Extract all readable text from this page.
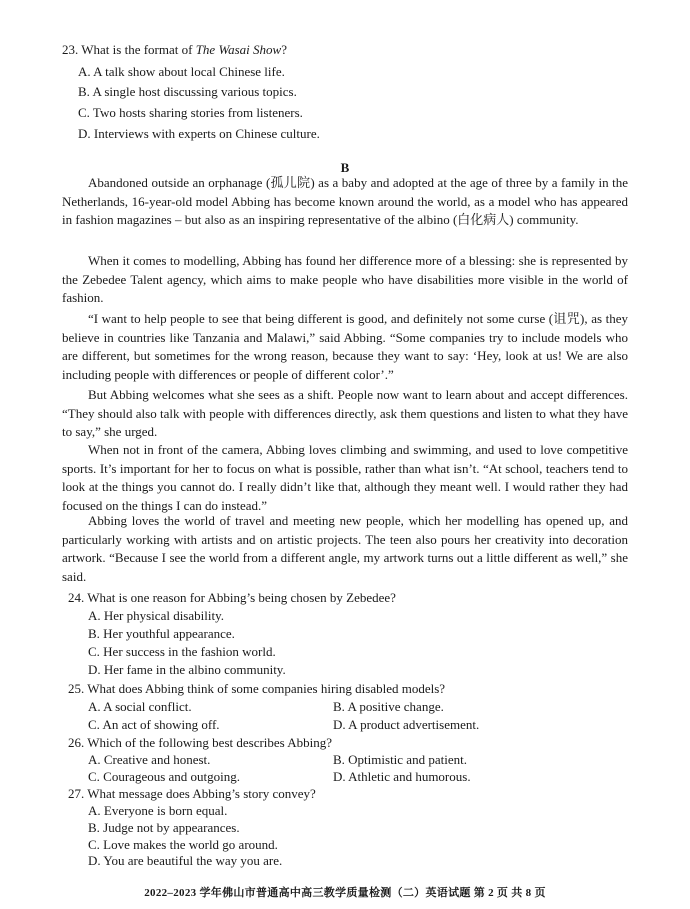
23. What is the format of The Wasai Show?
A. A talk show about local Chinese life.
B. A single host discussing various topics.
C. Two hosts sharing stories from listeners.
D. Interviews with experts on Chinese culture.
B
Abandoned outside an orphanage (孤儿院) as a baby and adopted at the age of three by a family in the Netherlands, 16-year-old model Abbing has become known around the world, as a model who has appeared in fashion magazines – but also as an inspiring representative of the albino (白化病人) community.
When it comes to modelling, Abbing has found her difference more of a blessing: she is represented by the Zebedee Talent agency, which aims to make people who have disabilities more visible in the world of fashion.
“I want to help people to see that being different is good, and definitely not some curse (诅咒), as they believe in countries like Tanzania and Malawi,” said Abbing. “Some companies try to include models who are different, but sometimes for the wrong reason, because they want to say: ‘Hey, look at us! We are also including people with differences or people of different color’.”
But Abbing welcomes what she sees as a shift. People now want to learn about and accept differences. “They should also talk with people with differences directly, ask them questions and listen to what they have to say,” she urged.
When not in front of the camera, Abbing loves climbing and swimming, and used to love competitive sports. It’s important for her to focus on what is possible, rather than what isn’t. “At school, teachers tend to look at the things you cannot do. I really didn’t like that, although they meant well. I would rather they had focused on the things I can do instead.”
Abbing loves the world of travel and meeting new people, which her modelling has opened up, and particularly working with artists and on artistic projects. The teen also pours her creativity into decoration artwork. “Because I see the world from a different angle, my artwork turns out a little different as well,” she said.
24. What is one reason for Abbing’s being chosen by Zebedee?
A. Her physical disability.
B. Her youthful appearance.
C. Her success in the fashion world.
D. Her fame in the albino community.
25. What does Abbing think of some companies hiring disabled models?
A. A social conflict.	B. A positive change.
C. An act of showing off.	D. A product advertisement.
26. Which of the following best describes Abbing?
A. Creative and honest.	B. Optimistic and patient.
C. Courageous and outgoing.	D. Athletic and humorous.
27. What message does Abbing’s story convey?
A. Everyone is born equal.
B. Judge not by appearances.
C. Love makes the world go around.
D. You are beautiful the way you are.
2022–2023 学年佛山市普通高中高三教学质量检测（二）英语试题 第 2 页 共 8 页
